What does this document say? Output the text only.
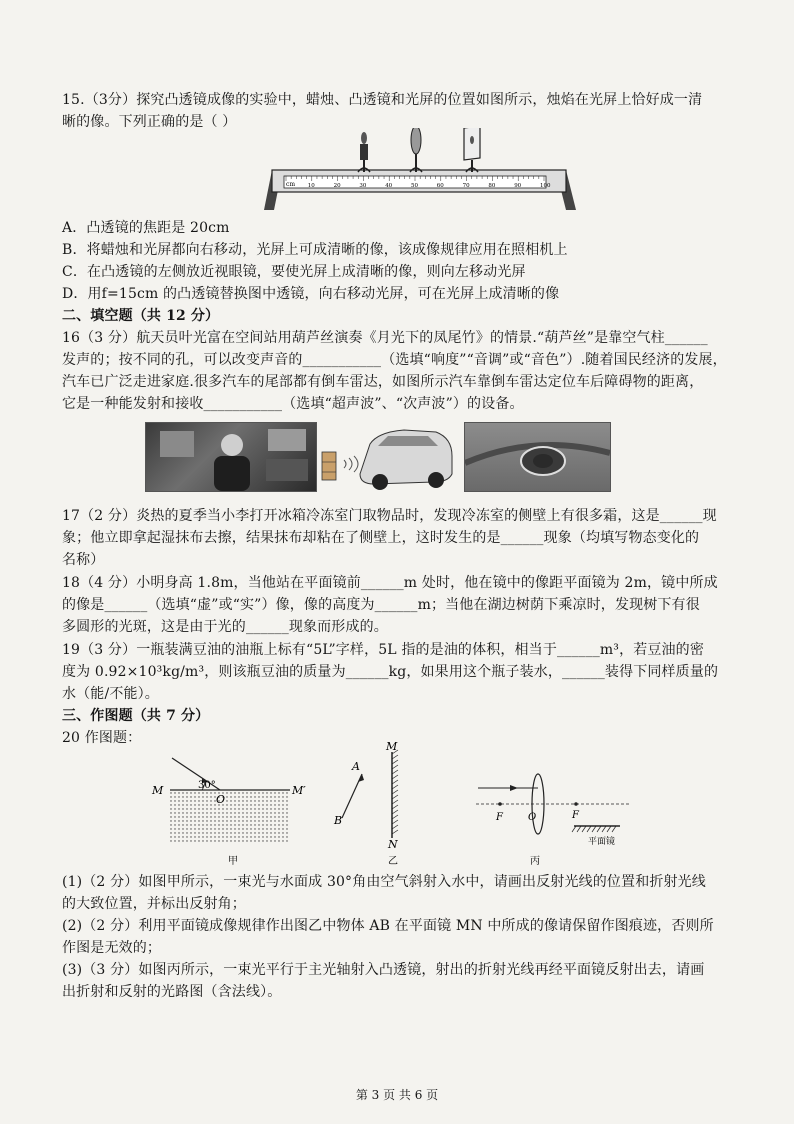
15.（3分）探究凸透镜成像的实验中，蜡烛、凸透镜和光屏的位置如图所示，烛焰在光屏上恰好成一清
晰的像。下列正确的是（ ）
cm 10	20	30	40	50	60	70	80	90	100
A．凸透镜的焦距是 20cm
B．将蜡烛和光屏都向右移动，光屏上可成清晰的像，该成像规律应用在照相机上
C．在凸透镜的左侧放近视眼镜，要使光屏上成清晰的像，则向左移动光屏
D．用f=15cm 的凸透镜替换图中透镜，向右移动光屏，可在光屏上成清晰的像
二、填空题（共 12 分）
16（3 分）航天员叶光富在空间站用葫芦丝演奏《月光下的凤尾竹》的情景.“葫芦丝”是靠空气柱______
发声的；按不同的孔，可以改变声音的___________（选填“响度”“音调”或“音色”）.随着国民经济的发展，
汽车已广泛走进家庭.很多汽车的尾部都有倒车雷达，如图所示汽车靠倒车雷达定位车后障碍物的距离，
它是一种能发射和接收___________（选填“超声波”、“次声波”）的设备。
17（2 分）炎热的夏季当小李打开冰箱冷冻室门取物品时，发现冷冻室的侧壁上有很多霜，这是______现
象；他立即拿起湿抹布去擦，结果抹布却粘在了侧壁上，这时发生的是______现象（均填写物态变化的
名称）
18（4 分）小明身高 1.8m，当他站在平面镜前______m 处时，他在镜中的像距平面镜为 2m，镜中所成
的像是______（选填“虚”或“实”）像，像的高度为______m；当他在湖边树荫下乘凉时，发现树下有很
多圆形的光斑，这是由于光的______现象而形成的。
19（3 分）一瓶装满豆油的油瓶上标有“5L”字样，5L 指的是油的体积，相当于______m³，若豆油的密
度为 0.92×10³kg/m³，则该瓶豆油的质量为______kg，如果用这个瓶子装水，______装得下同样质量的
水（能/不能）。
三、作图题（共 7 分）
20 作图题：
M	M′
O
30°
甲
M
N
A
B
乙
F	O	F
平面镜
丙
(1)（2 分）如图甲所示，一束光与水面成 30°角由空气斜射入水中，请画出反射光线的位置和折射光线
的大致位置，并标出反射角；
(2)（2 分）利用平面镜成像规律作出图乙中物体 AB 在平面镜 MN 中所成的像请保留作图痕迹，否则所
作图是无效的；
(3)（3 分）如图丙所示，一束光平行于主光轴射入凸透镜，射出的折射光线再经平面镜反射出去，请画
出折射和反射的光路图（含法线）。
第 3 页 共 6 页
